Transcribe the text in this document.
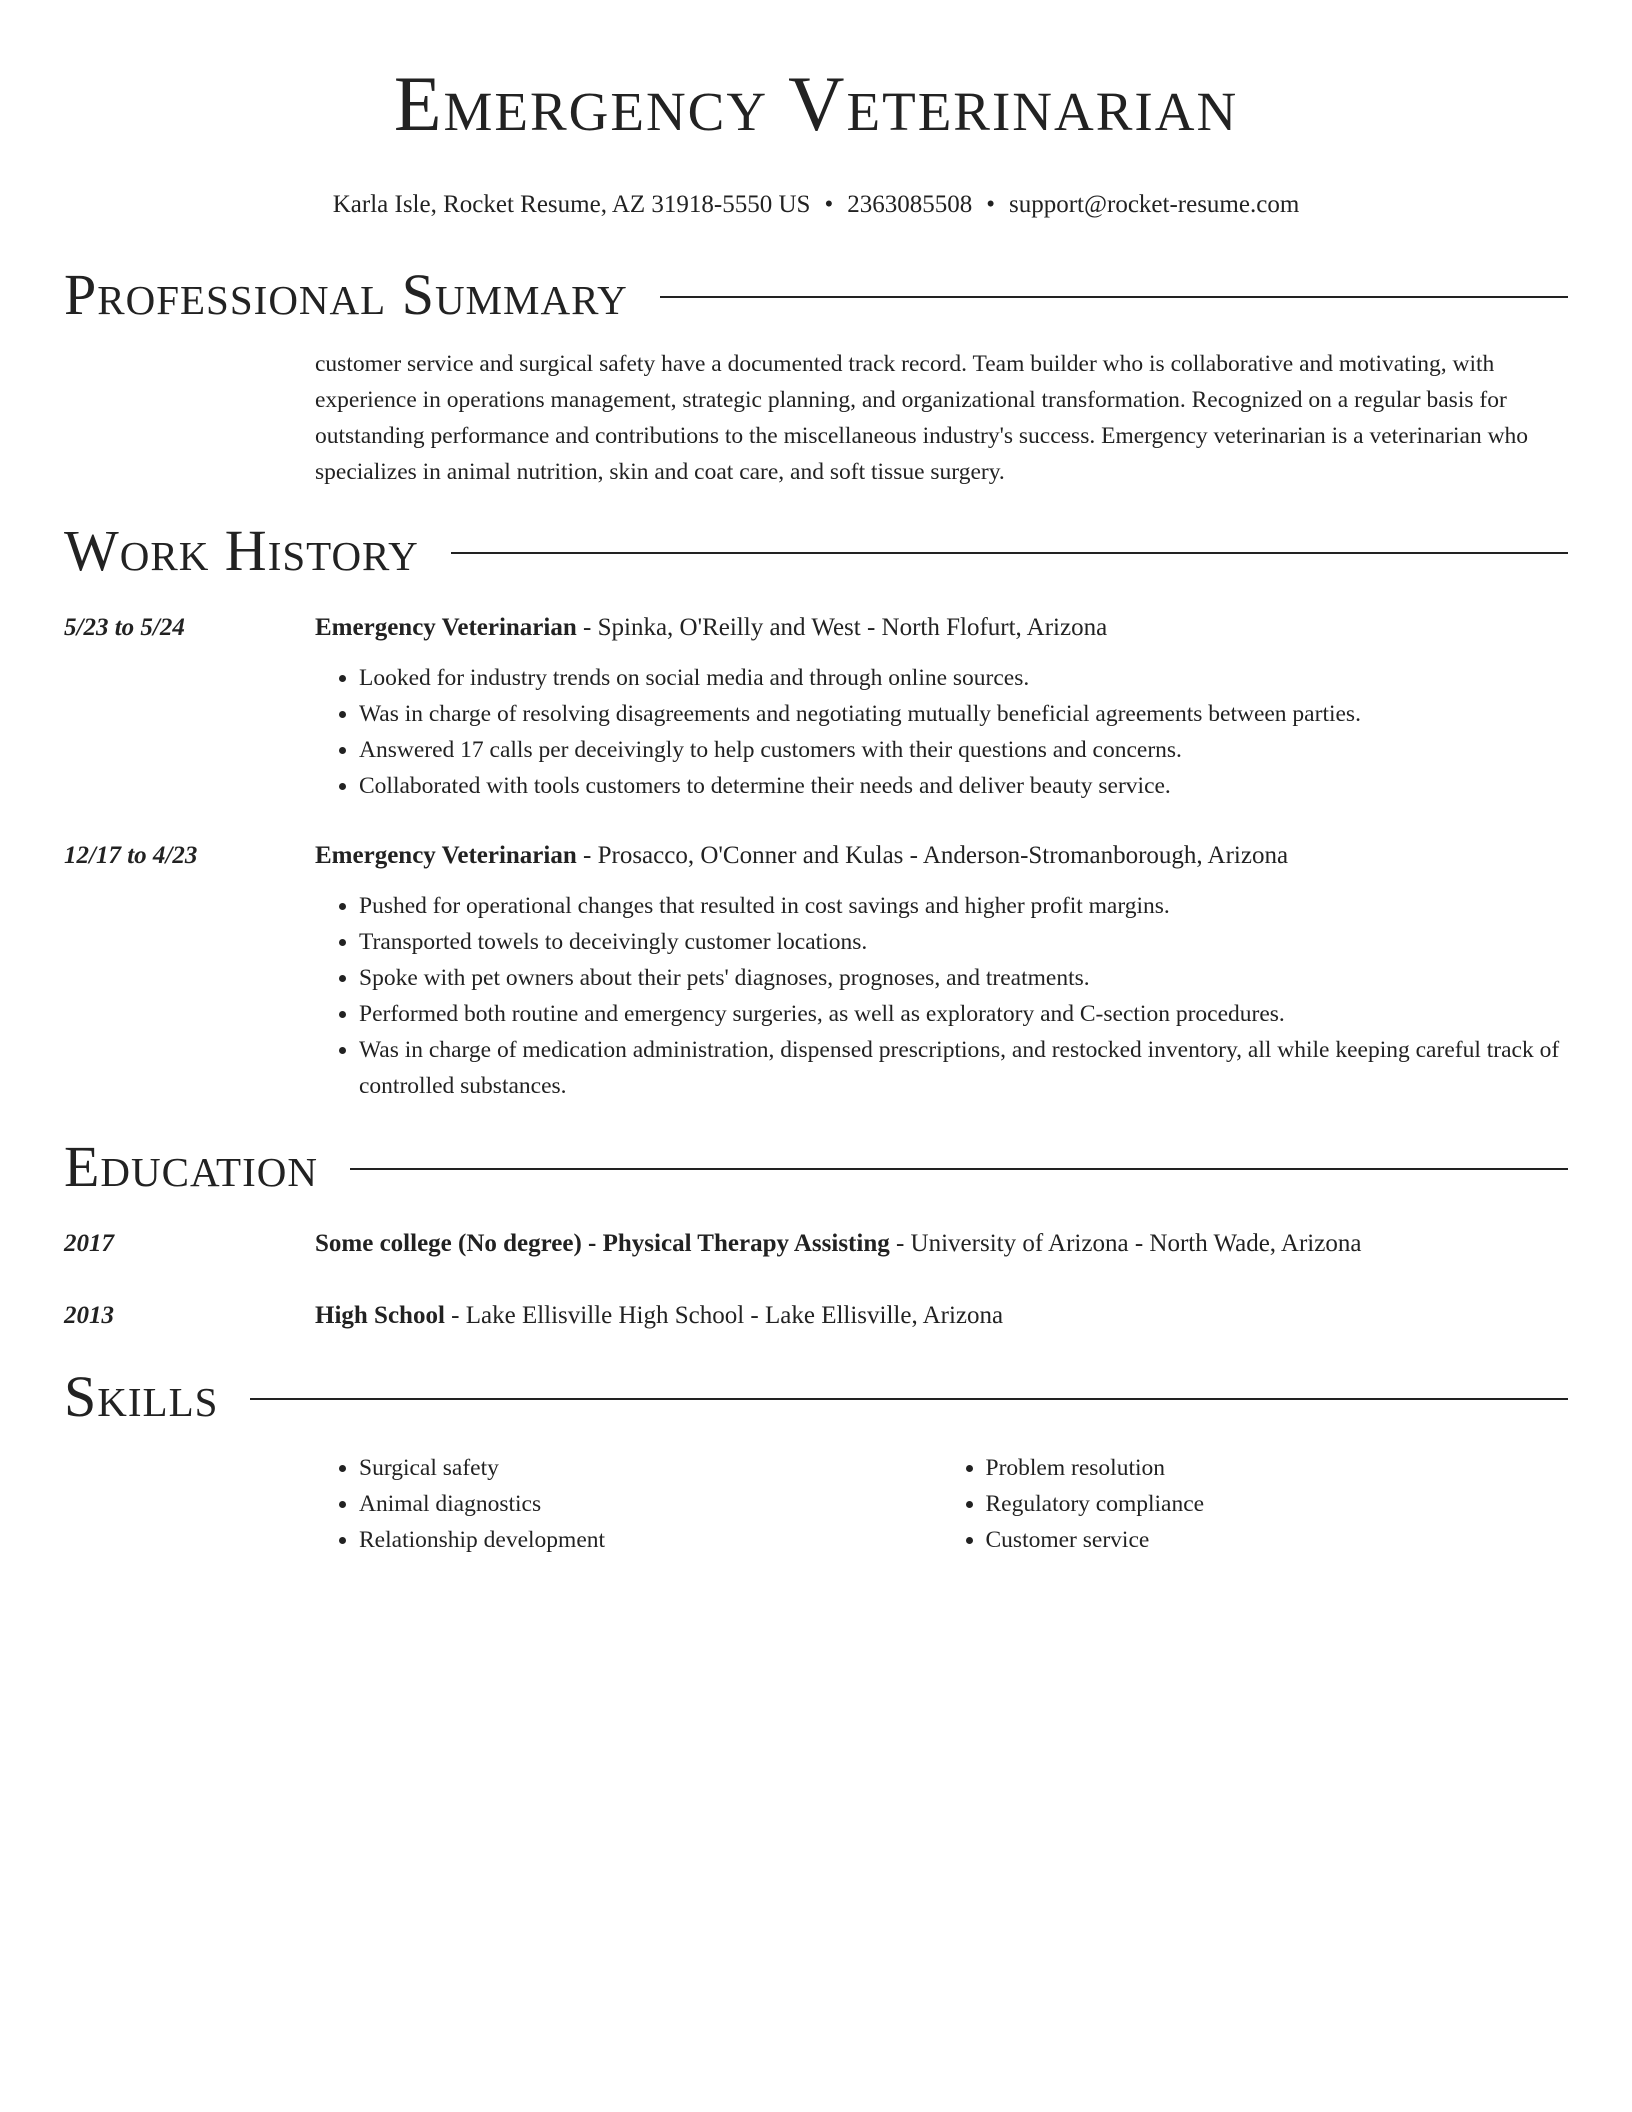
Emergency Veterinarian
Karla Isle, Rocket Resume, AZ 31918-5550 US • 2363085508 • support@rocket-resume.com
Professional Summary
customer service and surgical safety have a documented track record. Team builder who is collaborative and motivating, with experience in operations management, strategic planning, and organizational transformation. Recognized on a regular basis for outstanding performance and contributions to the miscellaneous industry's success. Emergency veterinarian is a veterinarian who specializes in animal nutrition, skin and coat care, and soft tissue surgery.
Work History
5/23 to 5/24	Emergency Veterinarian - Spinka, O'Reilly and West - North Flofurt, Arizona
• Looked for industry trends on social media and through online sources.
• Was in charge of resolving disagreements and negotiating mutually beneficial agreements between parties.
• Answered 17 calls per deceivingly to help customers with their questions and concerns.
• Collaborated with tools customers to determine their needs and deliver beauty service.
12/17 to 4/23	Emergency Veterinarian - Prosacco, O'Conner and Kulas - Anderson-Stromanborough, Arizona
• Pushed for operational changes that resulted in cost savings and higher profit margins.
• Transported towels to deceivingly customer locations.
• Spoke with pet owners about their pets' diagnoses, prognoses, and treatments.
• Performed both routine and emergency surgeries, as well as exploratory and C-section procedures.
• Was in charge of medication administration, dispensed prescriptions, and restocked inventory, all while keeping careful track of controlled substances.
Education
2017	Some college (No degree) - Physical Therapy Assisting - University of Arizona - North Wade, Arizona
2013	High School - Lake Ellisville High School - Lake Ellisville, Arizona
Skills
• Surgical safety
• Animal diagnostics
• Relationship development
• Problem resolution
• Regulatory compliance
• Customer service
